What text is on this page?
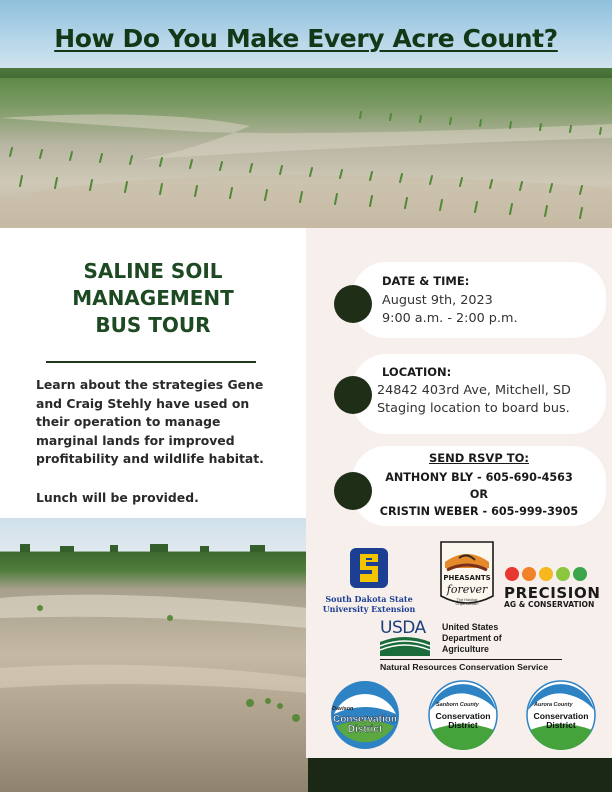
How Do You Make Every Acre Count?
SALINE SOIL
MANAGEMENT
BUS TOUR
Learn about the strategies Gene
and Craig Stehly have used on
their operation to manage
marginal lands for improved
profitability and wildlife habitat.
Lunch will be provided.
DATE & TIME:
August 9th, 2023
9:00 a.m. - 2:00 p.m.
LOCATION:
24842 403rd Ave, Mitchell, SD
Staging location to board bus.
SEND RSVP TO:
ANTHONY BLY - 605-690-4563
OR
CRISTIN WEBER - 605-999-3905
South Dakota State
University Extension
PHEASANTS
forever
The Habitat Organization
PRECISION
AG & CONSERVATION
USDA United States
Department of
Agriculture
Natural Resources Conservation Service
Davison
Conservation
District
Sanborn County
Conservation
District
Aurora County
Conservation
District
